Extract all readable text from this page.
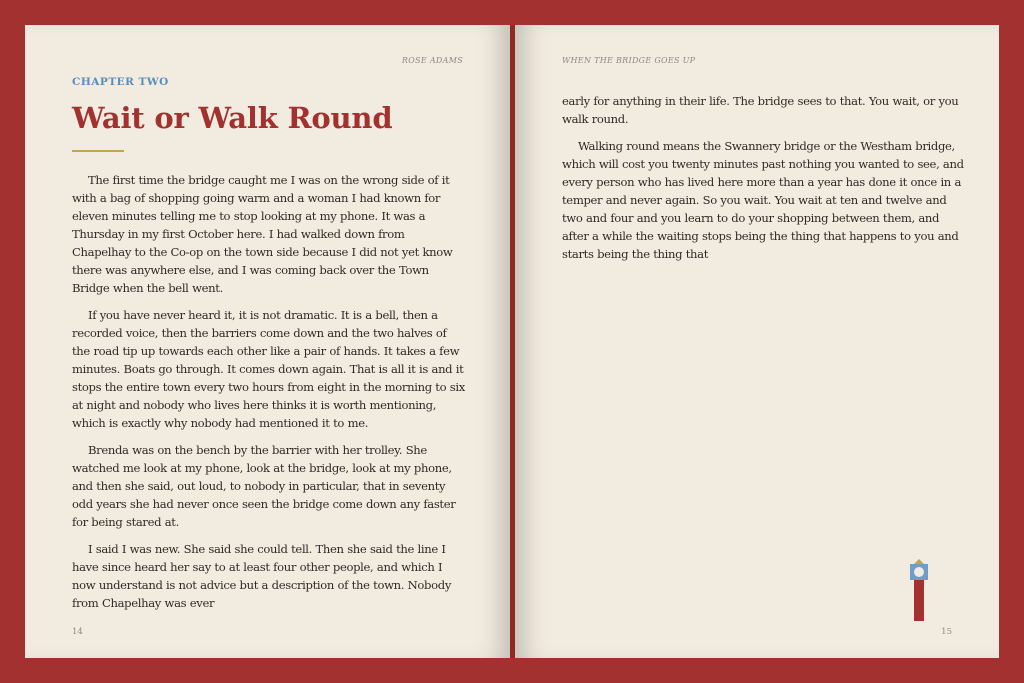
ROSE ADAMS
CHAPTER TWO
Wait or Walk Round

The first time the bridge caught me I was on the wrong side of it with a bag of shopping going warm and a woman I had known for eleven minutes telling me to stop looking at my phone. It was a Thursday in my first October here. I had walked down from Chapelhay to the Co-op on the town side because I did not yet know there was anywhere else, and I was coming back over the Town Bridge when the bell went.

If you have never heard it, it is not dramatic. It is a bell, then a recorded voice, then the barriers come down and the two halves of the road tip up towards each other like a pair of hands. It takes a few minutes. Boats go through. It comes down again. That is all it is and it stops the entire town every two hours from eight in the morning to six at night and nobody who lives here thinks it is worth mentioning, which is exactly why nobody had mentioned it to me.

Brenda was on the bench by the barrier with her trolley. She watched me look at my phone, look at the bridge, look at my phone, and then she said, out loud, to nobody in particular, that in seventy odd years she had never once seen the bridge come down any faster for being stared at.

I said I was new. She said she could tell. Then she said the line I have since heard her say to at least four other people, and which I now understand is not advice but a description of the town. Nobody from Chapelhay was ever

14
WHEN THE BRIDGE GOES UP

early for anything in their life. The bridge sees to that. You wait, or you walk round.

Walking round means the Swannery bridge or the Westham bridge, which will cost you twenty minutes past nothing you wanted to see, and every person who has lived here more than a year has done it once in a temper and never again. So you wait. You wait at ten and twelve and two and four and you learn to do your shopping between them, and after a while the waiting stops being the thing that happens to you and starts being the thing that

15
